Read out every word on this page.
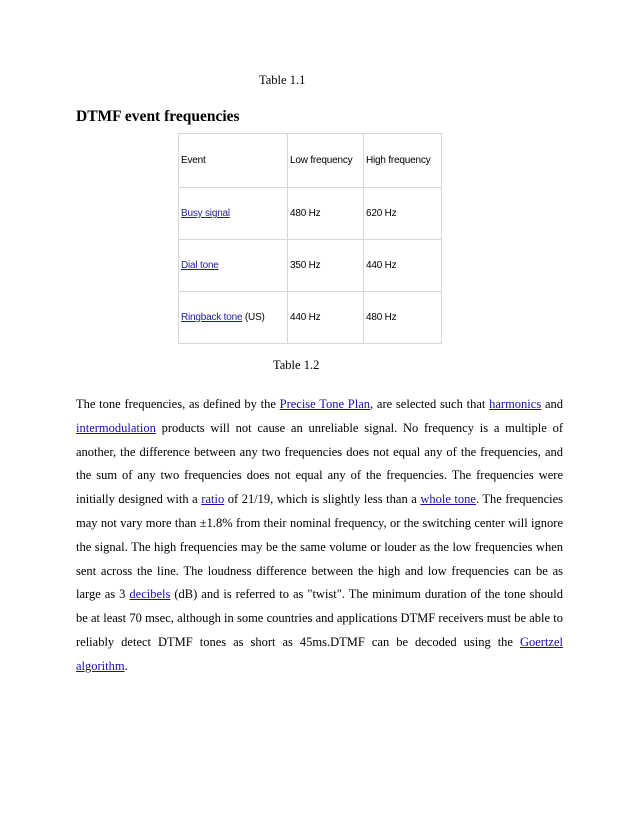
Table 1.1
DTMF event frequencies
Event	Low frequency	High frequency
Busy signal	480 Hz	620 Hz
Dial tone	350 Hz	440 Hz
Ringback tone (US)	440 Hz	480 Hz
Table 1.2

The tone frequencies, as defined by the Precise Tone Plan, are selected such that harmonics and intermodulation products will not cause an unreliable signal. No frequency is a multiple of another, the difference between any two frequencies does not equal any of the frequencies, and the sum of any two frequencies does not equal any of the frequencies. The frequencies were initially designed with a ratio of 21/19, which is slightly less than a whole tone. The frequencies may not vary more than ±1.8% from their nominal frequency, or the switching center will ignore the signal. The high frequencies may be the same volume or louder as the low frequencies when sent across the line. The loudness difference between the high and low frequencies can be as large as 3 decibels (dB) and is referred to as "twist". The minimum duration of the tone should be at least 70 msec, although in some countries and applications DTMF receivers must be able to reliably detect DTMF tones as short as 45ms.DTMF can be decoded using the Goertzel algorithm.
